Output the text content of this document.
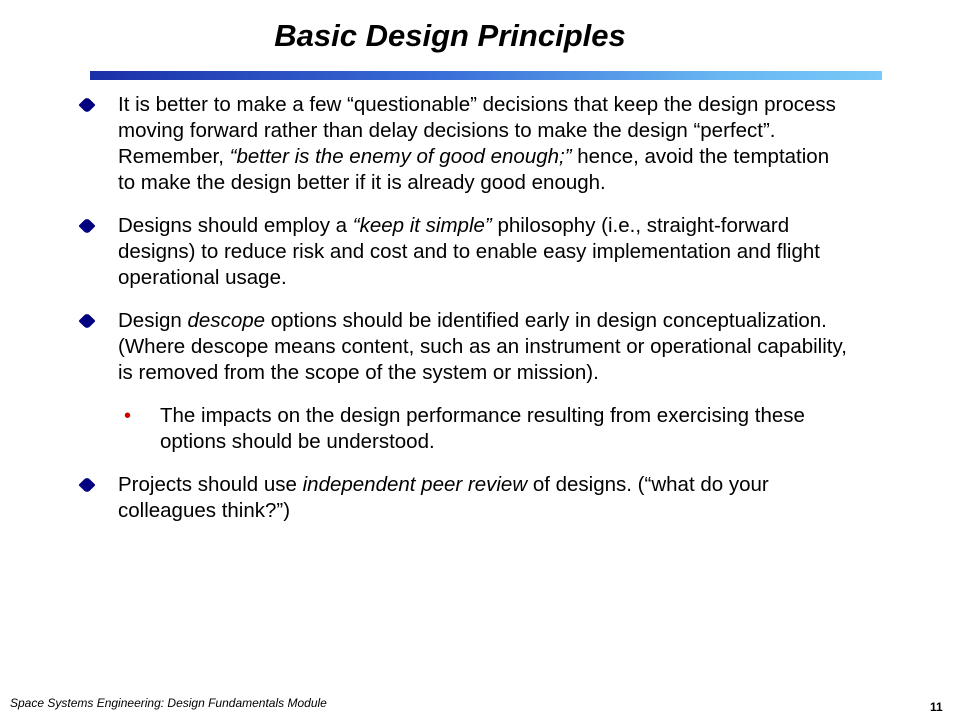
Basic Design Principles
It is better to make a few “questionable” decisions that keep the design process moving forward rather than delay decisions to make the design “perfect”. Remember, “better is the enemy of good enough;” hence, avoid the temptation to make the design better if it is already good enough.
Designs should employ a “keep it simple” philosophy (i.e., straight-forward designs) to reduce risk and cost and to enable easy implementation and flight operational usage.
Design descope options should be identified early in design conceptualization. (Where descope means content, such as an instrument or operational capability, is removed from the scope of the system or mission).
•	The impacts on the design performance resulting from exercising these options should be understood.
Projects should use independent peer review of designs. (“what do your colleagues think?”)
Space Systems Engineering: Design Fundamentals Module	11
